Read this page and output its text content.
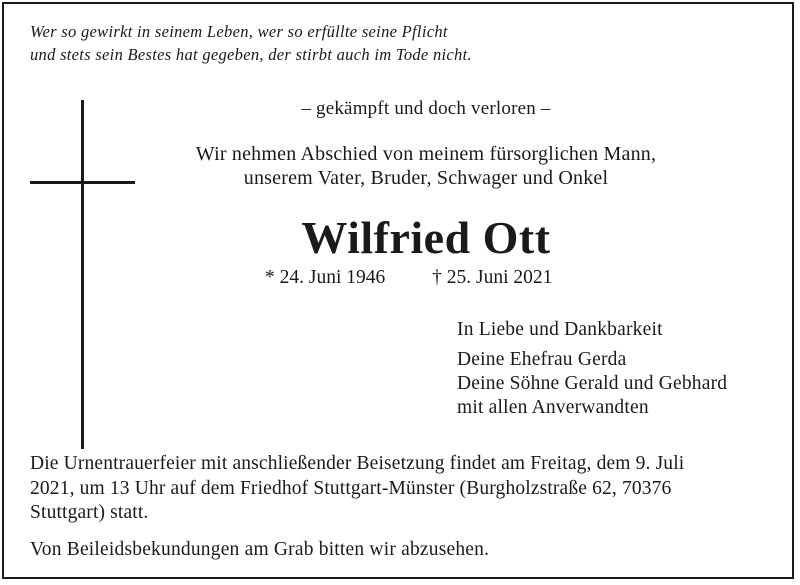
Wer so gewirkt in seinem Leben, wer so erfüllte seine Pflicht
und stets sein Bestes hat gegeben, der stirbt auch im Tode nicht.
– gekämpft und doch verloren –
Wir nehmen Abschied von meinem fürsorglichen Mann,
unserem Vater, Bruder, Schwager und Onkel
Wilfried Ott
* 24. Juni 1946 † 25. Juni 2021
In Liebe und Dankbarkeit
Deine Ehefrau Gerda
Deine Söhne Gerald und Gebhard
mit allen Anverwandten
Die Urnentrauerfeier mit anschließender Beisetzung findet am Freitag, dem 9. Juli
2021, um 13 Uhr auf dem Friedhof Stuttgart-Münster (Burgholzstraße 62, 70376
Stuttgart) statt.
Von Beileidsbekundungen am Grab bitten wir abzusehen.
